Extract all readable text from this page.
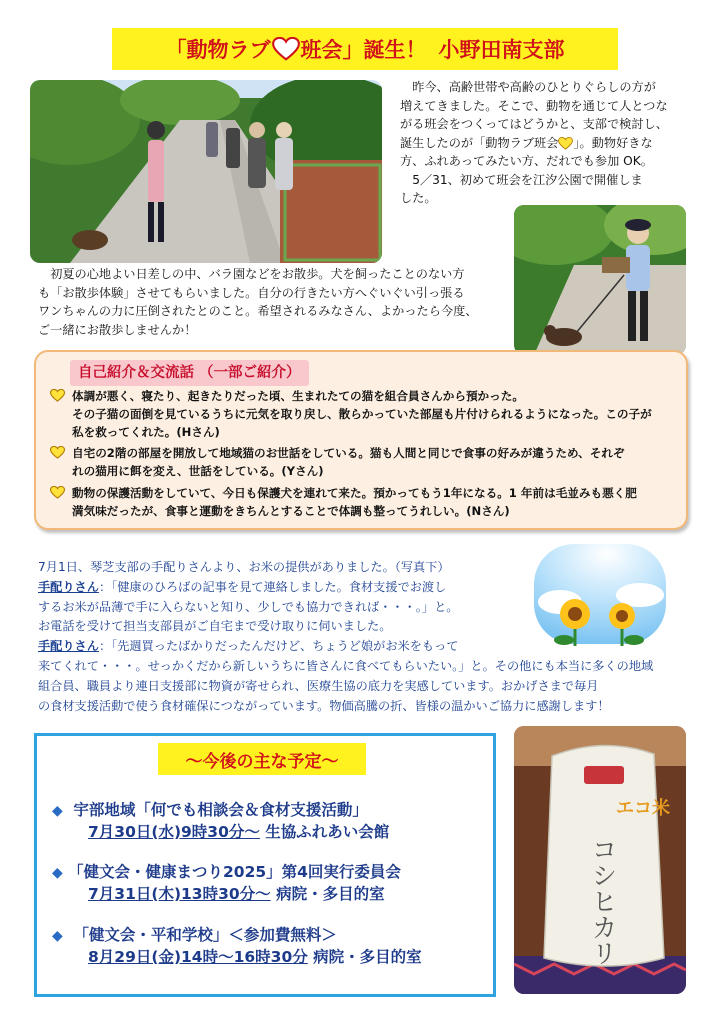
「動物ラブ 班会」誕生！ 小野田南支部

昨今、高齢世帯や高齢のひとりぐらしの方が

増えてきました。そこで、動物を通じて人とつな

がる班会をつくってはどうかと、支部で検討し、

誕生したのが「動物ラブ班会 」。動物好きな

方、ふれあってみたい方、だれでも参加 OK。

5／31、初めて班会を江汐公園で開催しま

した。

初夏の心地よい日差しの中、バラ園などをお散歩。犬を飼ったことのない方

も「お散歩体験」させてもらいました。自分の行きたい方へぐいぐい引っ張る

ワンちゃんの力に圧倒されたとのこと。希望されるみなさん、よかったら今度、

ご一緒にお散歩しませんか！

自己紹介＆交流話 （一部ご紹介）
体調が悪く、寝たり、起きたりだった頃、生まれたての猫を組合員さんから預かった。
その子猫の面倒を見ているうちに元気を取り戻し、散らかっていた部屋も片付けられるようになった。この子が
私を救ってくれた。(Hさん)
自宅の2階の部屋を開放して地域猫のお世話をしている。猫も人間と同じで食事の好みが違うため、それぞ
れの猫用に餌を変え、世話をしている。(Yさん)
動物の保護活動をしていて、今日も保護犬を連れて来た。預かってもう1年になる。1 年前は毛並みも悪く肥
満気味だったが、食事と運動をきちんとすることで体調も整ってうれしい。(Nさん)

7月1日、琴芝支部の手配りさんより、お米の提供がありました。（写真下）

手配りさん：「健康のひろばの記事を見て連絡しました。食材支援でお渡し

するお米が品薄で手に入らないと知り、少しでも協力できれば・・・。」と。

お電話を受けて担当支部員がご自宅まで受け取りに伺いました。

手配りさん：「先週買ったばかりだったんだけど、ちょうど娘がお米をもって

来てくれて・・・。せっかくだから新しいうちに皆さんに食べてもらいたい。」と。その他にも本当に多くの地域

組合員、職員より連日支援部に物資が寄せられ、医療生協の底力を実感しています。おかげさまで毎月

の食材支援活動で使う食材確保につながっています。物価高騰の折、皆様の温かいご協力に感謝します！

～今後の主な予定～
◆ 宇部地域「何でも相談会＆食材支援活動」
7月30日(水)9時30分～ 生協ふれあい会館
◆ 「健文会・健康まつり2025」第4回実行委員会
7月31日(木)13時30分～ 病院・多目的室
◆ 「健文会・平和学校」＜参加費無料＞
8月29日(金)14時～16時30分 病院・多目的室
エコ米
コシヒカリ
